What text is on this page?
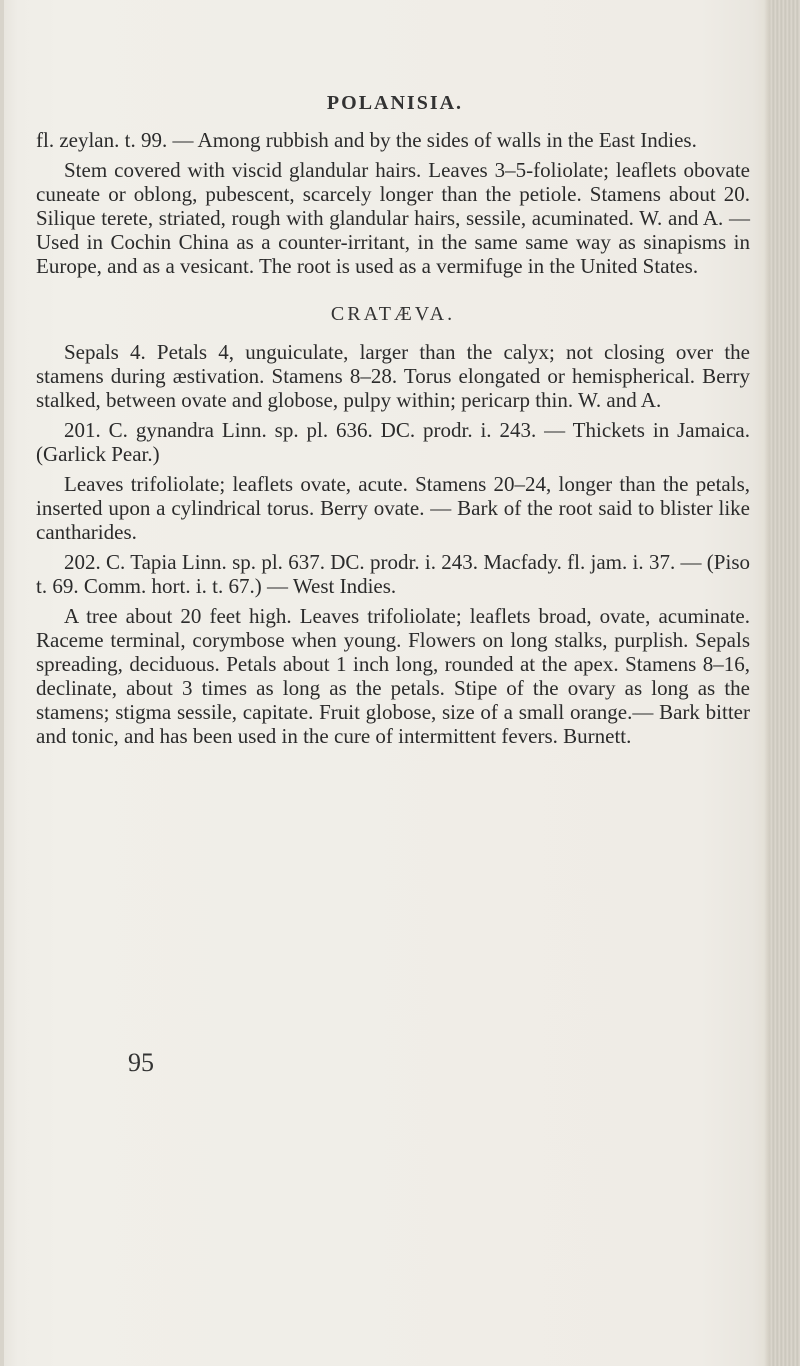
POLANISIA.

fl. zeylan. t. 99. — Among rubbish and by the sides of walls in the East Indies.

Stem covered with viscid glandular hairs. Leaves 3–5-foliolate; leaflets obovate cuneate or oblong, pubescent, scarcely longer than the petiole. Stamens about 20. Silique terete, striated, rough with glandular hairs, sessile, acuminated. W. and A. — Used in Cochin China as a counter-irritant, in the same same way as sinapisms in Europe, and as a vesicant. The root is used as a vermifuge in the United States.

CRATÆVA.

Sepals 4. Petals 4, unguiculate, larger than the calyx; not closing over the stamens during æstivation. Stamens 8–28. Torus elongated or hemispherical. Berry stalked, between ovate and globose, pulpy within; pericarp thin. W. and A.

201. C. gynandra Linn. sp. pl. 636. DC. prodr. i. 243. — Thickets in Jamaica. (Garlick Pear.)

Leaves trifoliolate; leaflets ovate, acute. Stamens 20–24, longer than the petals, inserted upon a cylindrical torus. Berry ovate. — Bark of the root said to blister like cantharides.

202. C. Tapia Linn. sp. pl. 637. DC. prodr. i. 243. Macfady. fl. jam. i. 37. — (Piso t. 69. Comm. hort. i. t. 67.) — West Indies.

A tree about 20 feet high. Leaves trifoliolate; leaflets broad, ovate, acuminate. Raceme terminal, corymbose when young. Flowers on long stalks, purplish. Sepals spreading, deciduous. Petals about 1 inch long, rounded at the apex. Stamens 8–16, declinate, about 3 times as long as the petals. Stipe of the ovary as long as the stamens; stigma sessile, capitate. Fruit globose, size of a small orange.— Bark bitter and tonic, and has been used in the cure of intermittent fevers. Burnett.

95
